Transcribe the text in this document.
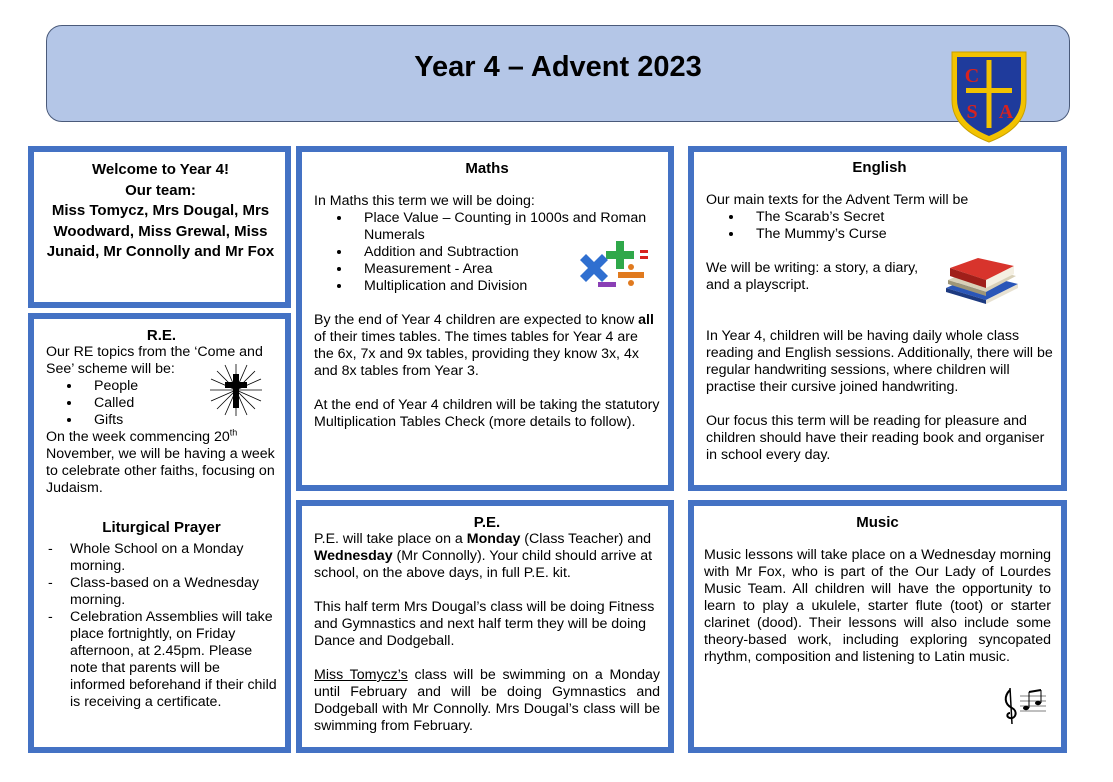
Year 4 – Advent 2023	C
S A
Welcome to Year 4!
Our team:
Miss Tomycz, Mrs Dougal, Mrs Woodward, Miss Grewal, Miss Junaid, Mr Connolly and Mr Fox
R.E.

Our RE topics from the ‘Come and See’ scheme will be:

• People
• Called
• Gifts

On the week commencing 20th November, we will be having a week to celebrate other faiths, focusing on Judaism.

Liturgical Prayer
- Whole School on a Monday morning.
- Class-based on a Wednesday morning.
- Celebration Assemblies will take place fortnightly, on Friday afternoon, at 2.45pm. Please note that parents will be informed beforehand if their child is receiving a certificate.
Maths

In Maths this term we will be doing:

• Place Value – Counting in 1000s and Roman Numerals
• Addition and Subtraction
• Measurement - Area
• Multiplication and Division

By the end of Year 4 children are expected to know all of their times tables. The times tables for Year 4 are the 6x, 7x and 9x tables, providing they know 3x, 4x and 8x tables from Year 3.

At the end of Year 4 children will be taking the statutory Multiplication Tables Check (more details to follow).

English

Our main texts for the Advent Term will be

• The Scarab’s Secret
• The Mummy’s Curse

We will be writing: a story, a diary, and a playscript.

In Year 4, children will be having daily whole class reading and English sessions. Additionally, there will be regular handwriting sessions, where children will practise their cursive joined handwriting.

Our focus this term will be reading for pleasure and children should have their reading book and organiser in school every day.

P.E.

P.E. will take place on a Monday (Class Teacher) and Wednesday (Mr Connolly). Your child should arrive at school, on the above days, in full P.E. kit.

This half term Mrs Dougal’s class will be doing Fitness and Gymnastics and next half term they will be doing Dance and Dodgeball.

Miss Tomycz’s class will be swimming on a Monday until February and will be doing Gymnastics and Dodgeball with Mr Connolly. Mrs Dougal’s class will be swimming from February.

Music

Music lessons will take place on a Wednesday morning with Mr Fox, who is part of the Our Lady of Lourdes Music Team. All children will have the opportunity to learn to play a ukulele, starter flute (toot) or starter clarinet (dood). Their lessons will also include some theory-based work, including exploring syncopated rhythm, composition and listening to Latin music.
